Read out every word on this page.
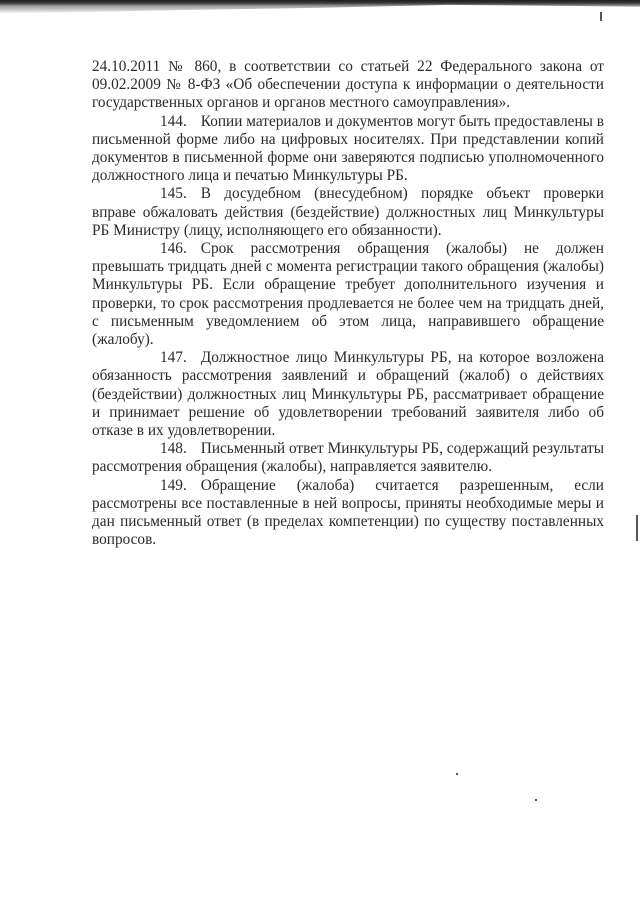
24.10.2011 № 860, в соответствии со статьей 22 Федерального закона от 09.02.2009 № 8-ФЗ «Об обеспечении доступа к информации о деятельности государственных органов и органов местного самоуправления».

144. Копии материалов и документов могут быть предоставлены в письменной форме либо на цифровых носителях. При представлении копий документов в письменной форме они заверяются подписью уполномоченного должностного лица и печатью Минкультуры РБ.

145. В досудебном (внесудебном) порядке объект проверки вправе обжаловать действия (бездействие) должностных лиц Минкультуры РБ Министру (лицу, исполняющего его обязанности).

146. Срок рассмотрения обращения (жалобы) не должен превышать тридцать дней с момента регистрации такого обращения (жалобы) Минкультуры РБ. Если обращение требует дополнительного изучения и проверки, то срок рассмотрения продлевается не более чем на тридцать дней, с письменным уведомлением об этом лица, направившего обращение (жалобу).

147. Должностное лицо Минкультуры РБ, на которое возложена обязанность рассмотрения заявлений и обращений (жалоб) о действиях (бездействии) должностных лиц Минкультуры РБ, рассматривает обращение и принимает решение об удовлетворении требований заявителя либо об отказе в их удовлетворении.

148. Письменный ответ Минкультуры РБ, содержащий результаты рассмотрения обращения (жалобы), направляется заявителю.

149. Обращение (жалоба) считается разрешенным, если рассмотрены все поставленные в ней вопросы, приняты необходимые меры и дан письменный ответ (в пределах компетенции) по существу поставленных вопросов.
